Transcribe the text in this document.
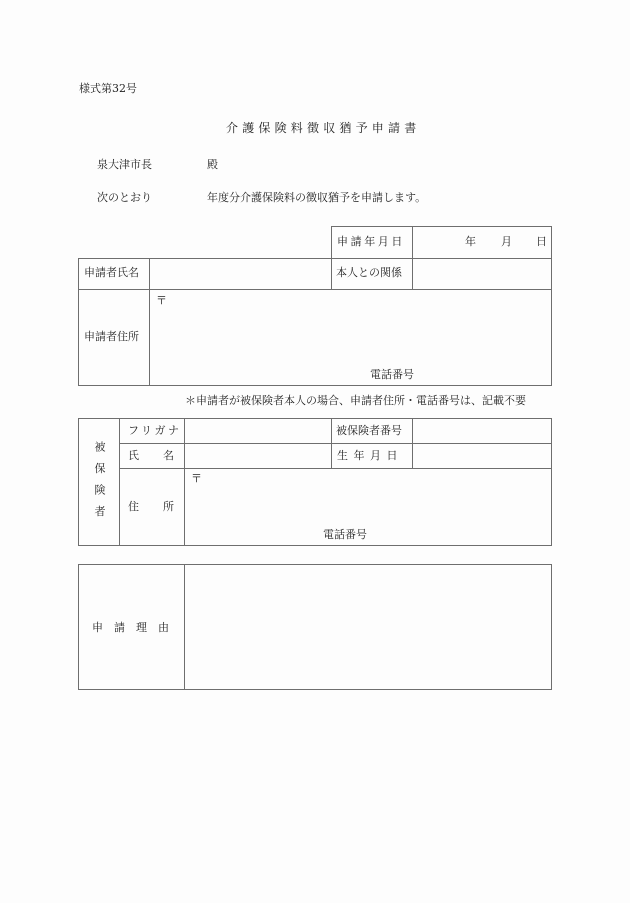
様式第32号
介護保険料徴収猶予申請書
泉大津市長	殿
次のとおり	年度分介護保険料の徴収猶予を申請します。
申請年月日	年 月 日
申請者氏名	本人との関係
申請者住所
〒
電話番号
＊申請者が被保険者本人の場合、申請者住所・電話番号は、記載不要
被保険者
フリガナ	被保険者番号
氏 名	生年月日
住 所
〒
電話番号
申請理由
